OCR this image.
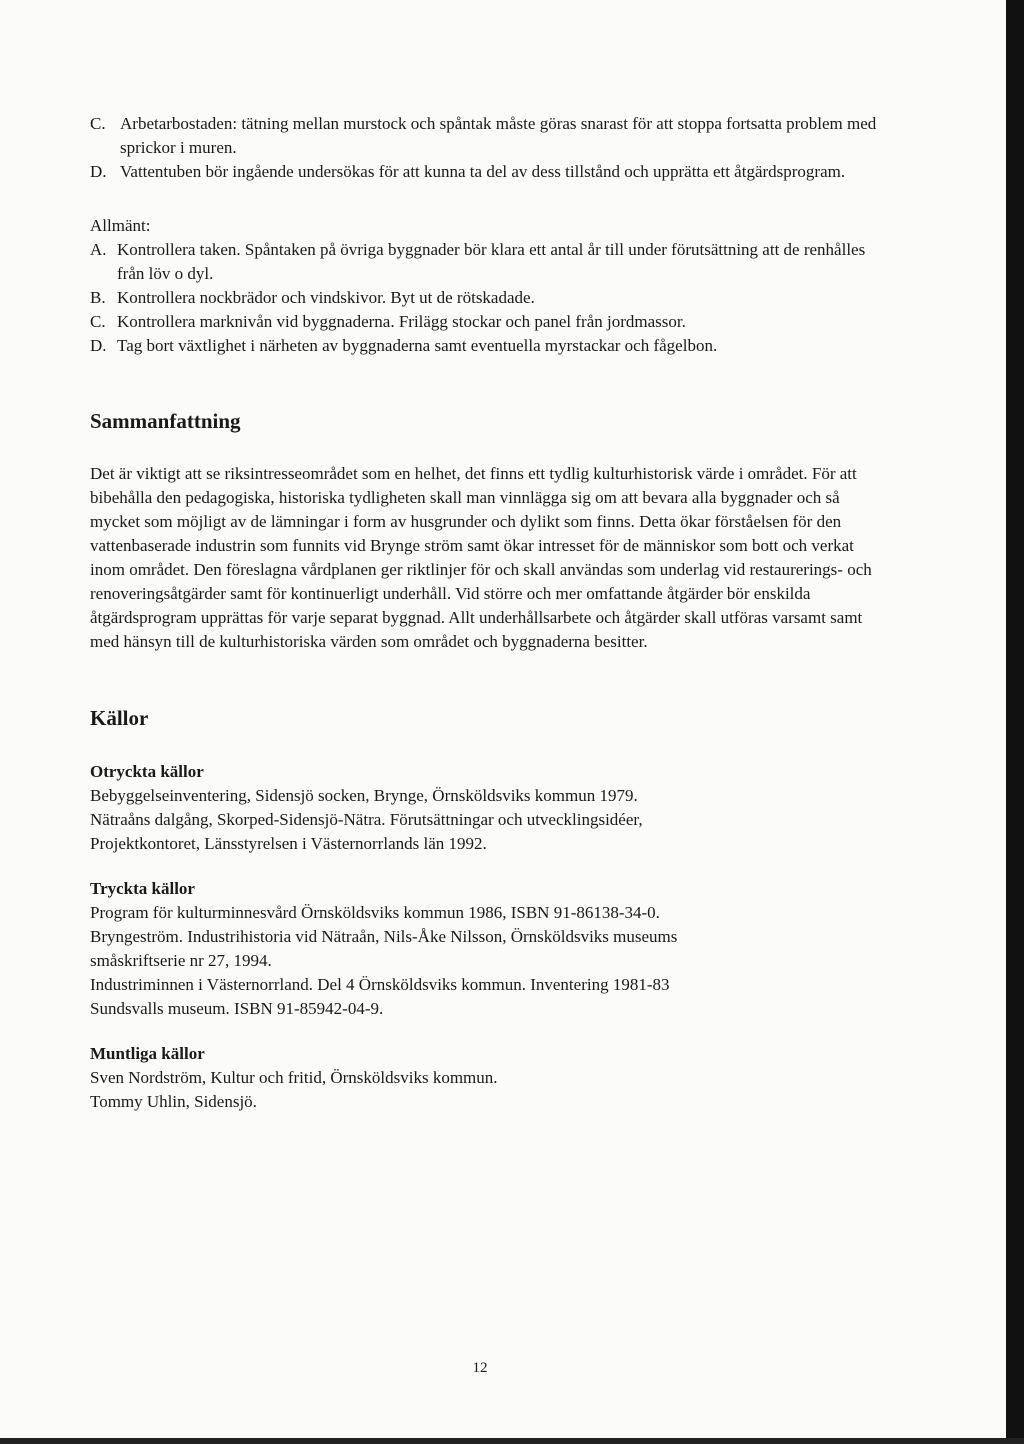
C. Arbetarbostaden: tätning mellan murstock och spåntak måste göras snarast för att stoppa fortsatta problem med sprickor i muren.
D. Vattentuben bör ingående undersökas för att kunna ta del av dess tillstånd och upprätta ett åtgärdsprogram.
Allmänt:
A. Kontrollera taken. Spåntaken på övriga byggnader bör klara ett antal år till under förutsättning att de renhålles från löv o dyl.
B. Kontrollera nockbrädor och vindskivor. Byt ut de rötskadade.
C. Kontrollera marknivån vid byggnaderna. Frilägg stockar och panel från jordmassor.
D. Tag bort växtlighet i närheten av byggnaderna samt eventuella myrstackar och fågelbon.
Sammanfattning

Det är viktigt att se riksintresseområdet som en helhet, det finns ett tydlig kulturhistorisk värde i området. För att bibehålla den pedagogiska, historiska tydligheten skall man vinnlägga sig om att bevara alla byggnader och så mycket som möjligt av de lämningar i form av husgrunder och dylikt som finns. Detta ökar förståelsen för den vattenbaserade industrin som funnits vid Brynge ström samt ökar intresset för de människor som bott och verkat inom området. Den föreslagna vårdplanen ger riktlinjer för och skall användas som underlag vid restaurerings- och renoveringsåtgärder samt för kontinuerligt underhåll. Vid större och mer omfattande åtgärder bör enskilda åtgärdsprogram upprättas för varje separat byggnad. Allt underhållsarbete och åtgärder skall utföras varsamt samt med hänsyn till de kulturhistoriska värden som området och byggnaderna besitter.

Källor
Otryckta källor
Bebyggelseinventering, Sidensjö socken, Brynge, Örnsköldsviks kommun 1979.
Nätraåns dalgång, Skorped-Sidensjö-Nätra. Förutsättningar och utvecklingsidéer,
Projektkontoret, Länsstyrelsen i Västernorrlands län 1992.
Tryckta källor
Program för kulturminnesvård Örnsköldsviks kommun 1986, ISBN 91-86138-34-0.
Bryngeström. Industrihistoria vid Nätraån, Nils-Åke Nilsson, Örnsköldsviks museums
småskriftserie nr 27, 1994.
Industriminnen i Västernorrland. Del 4 Örnsköldsviks kommun. Inventering 1981-83
Sundsvalls museum. ISBN 91-85942-04-9.
Muntliga källor
Sven Nordström, Kultur och fritid, Örnsköldsviks kommun.
Tommy Uhlin, Sidensjö.
12
